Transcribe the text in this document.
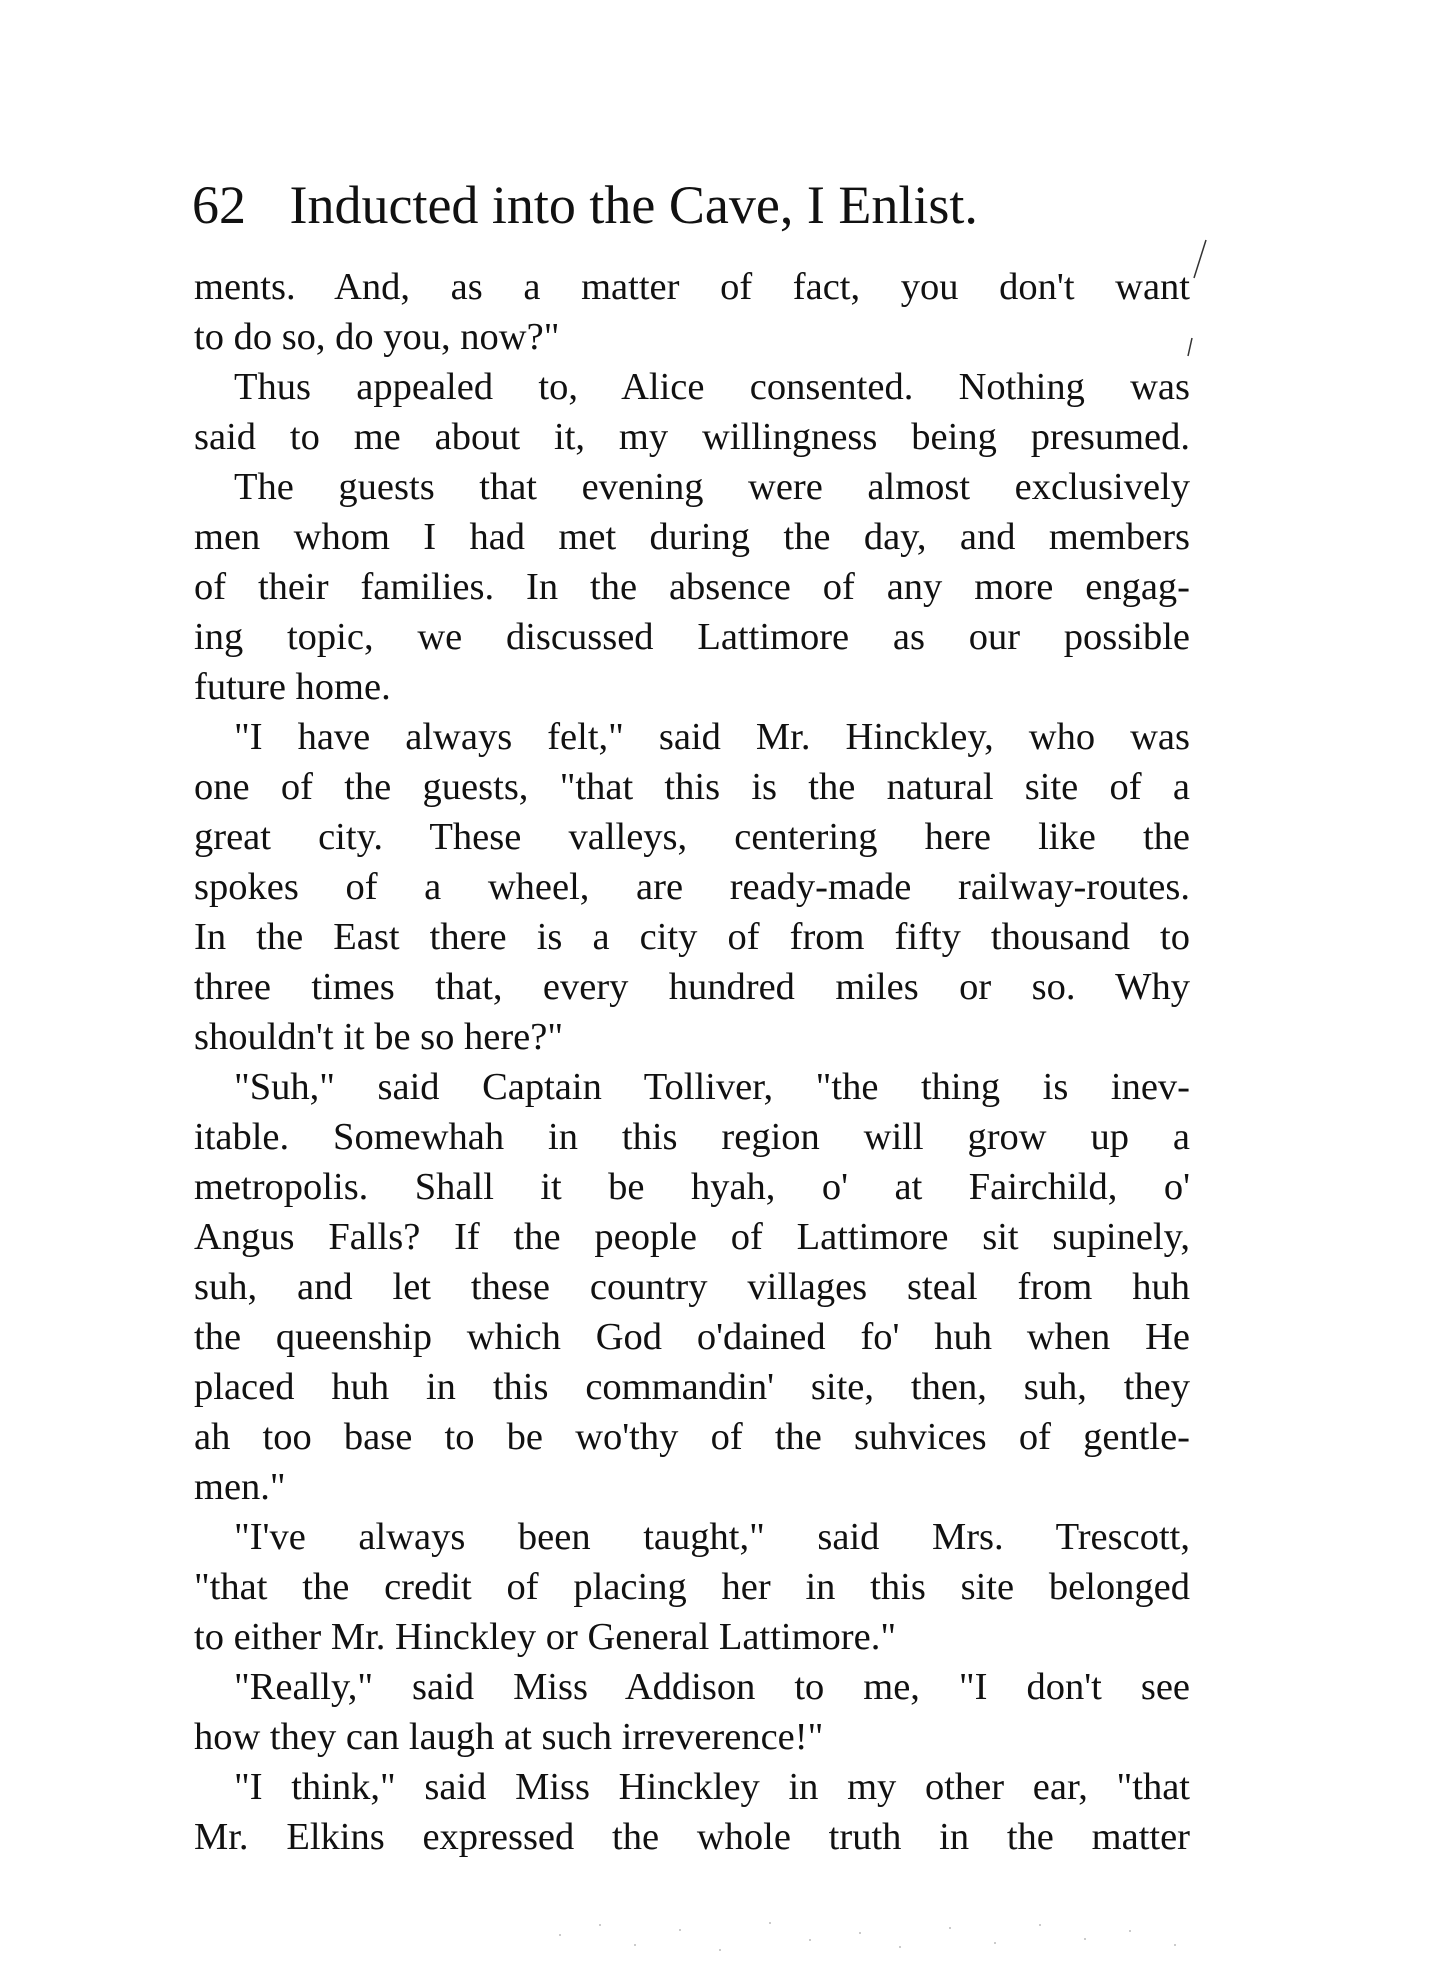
62 Inducted into the Cave, I Enlist.

ments. And, as a matter of fact, you don't want
to do so, do you, now?"

Thus appealed to, Alice consented. Nothing was
said to me about it, my willingness being presumed.

The guests that evening were almost exclusively
men whom I had met during the day, and members
of their families. In the absence of any more engag-
ing topic, we discussed Lattimore as our possible
future home.

"I have always felt," said Mr. Hinckley, who was
one of the guests, "that this is the natural site of a
great city. These valleys, centering here like the
spokes of a wheel, are ready-made railway-routes.
In the East there is a city of from fifty thousand to
three times that, every hundred miles or so. Why
shouldn't it be so here?"

"Suh," said Captain Tolliver, "the thing is inev-
itable. Somewhah in this region will grow up a
metropolis. Shall it be hyah, o' at Fairchild, o'
Angus Falls? If the people of Lattimore sit supinely,
suh, and let these country villages steal from huh
the queenship which God o'dained fo' huh when He
placed huh in this commandin' site, then, suh, they
ah too base to be wo'thy of the suhvices of gentle-
men."

"I've always been taught," said Mrs. Trescott,
"that the credit of placing her in this site belonged
to either Mr. Hinckley or General Lattimore."

"Really," said Miss Addison to me, "I don't see
how they can laugh at such irreverence!"

"I think," said Miss Hinckley in my other ear, "that
Mr. Elkins expressed the whole truth in the matter
